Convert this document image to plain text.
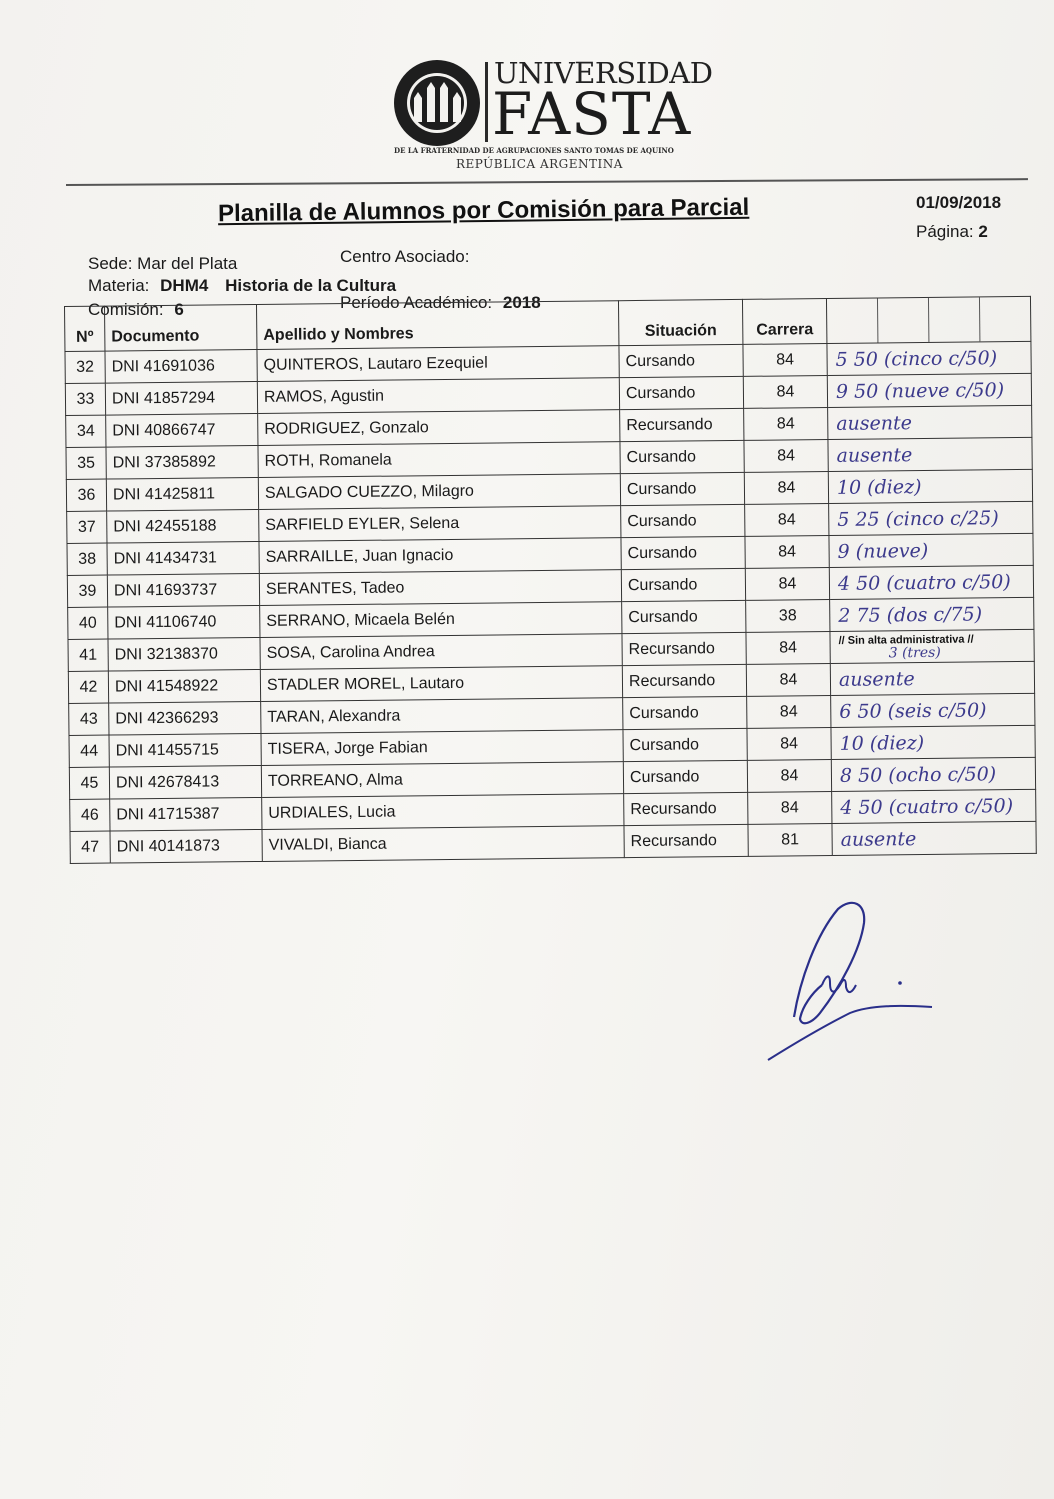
UNIVERSIDAD
FASTA
DE LA FRATERNIDAD DE AGRUPACIONES SANTO TOMAS DE AQUINO
REPÚBLICA ARGENTINA
Planilla de Alumnos por Comisión para Parcial	01/09/2018
Página: 2
Sede: Mar del Plata	Centro Asociado:
Materia: DHM4 Historia de la Cultura
Comisión: 6	Período Académico: 2018
Nº	Documento	Apellido y Nombres	Situación	Carrera	

32	DNI 41691036	QUINTEROS, Lautaro Ezequiel	Cursando	84	5 50 (cinco c/50)
33	DNI 41857294	RAMOS, Agustin	Cursando	84	9 50 (nueve c/50)
34	DNI 40866747	RODRIGUEZ, Gonzalo	Recursando	84	ausente
35	DNI 37385892	ROTH, Romanela	Cursando	84	ausente
36	DNI 41425811	SALGADO CUEZZO, Milagro	Cursando	84	10 (diez)
37	DNI 42455188	SARFIELD EYLER, Selena	Cursando	84	5 25 (cinco c/25)
38	DNI 41434731	SARRAILLE, Juan Ignacio	Cursando	84	9 (nueve)
39	DNI 41693737	SERANTES, Tadeo	Cursando	84	4 50 (cuatro c/50)
40	DNI 41106740	SERRANO, Micaela Belén	Cursando	38	2 75 (dos c/75)
41	DNI 32138370	SOSA, Carolina Andrea	Recursando	84	// Sin alta administrativa //
3 (tres)

42	DNI 41548922	STADLER MOREL, Lautaro	Recursando	84	ausente
43	DNI 42366293	TARAN, Alexandra	Cursando	84	6 50 (seis c/50)
44	DNI 41455715	TISERA, Jorge Fabian	Cursando	84	10 (diez)
45	DNI 42678413	TORREANO, Alma	Cursando	84	8 50 (ocho c/50)
46	DNI 41715387	URDIALES, Lucia	Recursando	84	4 50 (cuatro c/50)
47	DNI 40141873	VIVALDI, Bianca	Recursando	81	ausente
